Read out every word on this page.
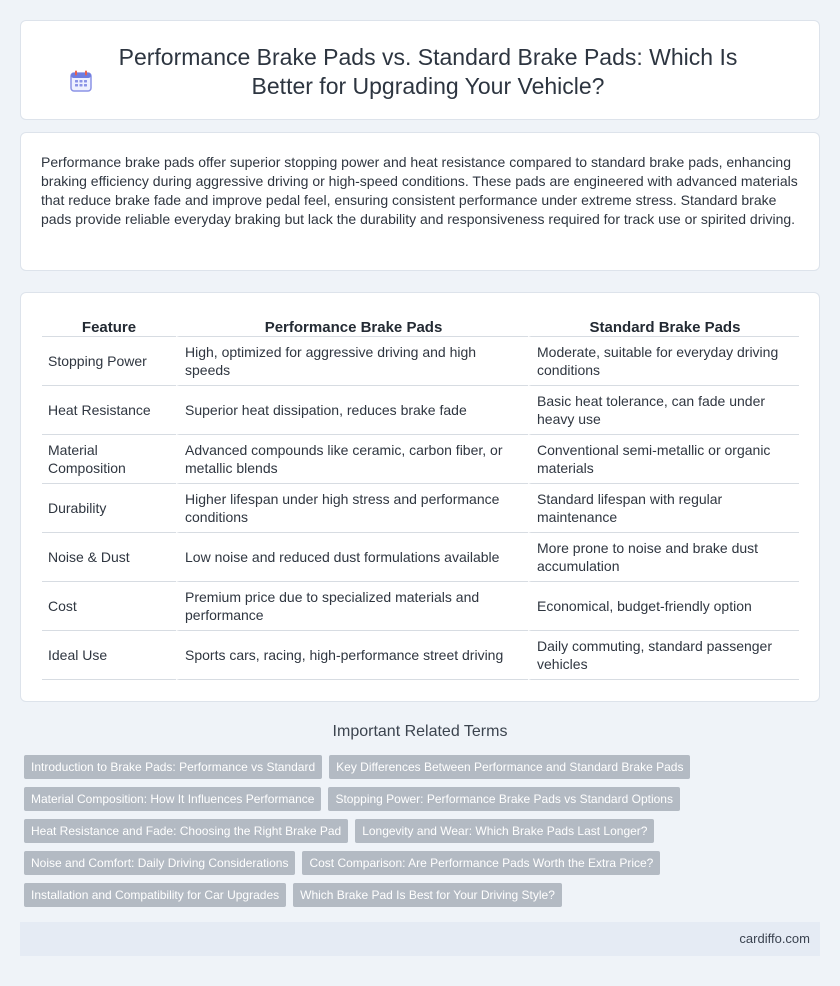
Performance Brake Pads vs. Standard Brake Pads: Which Is Better for Upgrading Your Vehicle?

Performance brake pads offer superior stopping power and heat resistance compared to standard brake pads, enhancing braking efficiency during aggressive driving or high-speed conditions. These pads are engineered with advanced materials that reduce brake fade and improve pedal feel, ensuring consistent performance under extreme stress. Standard brake pads provide reliable everyday braking but lack the durability and responsiveness required for track use or spirited driving.

Feature	Performance Brake Pads	Standard Brake Pads
Stopping Power	High, optimized for aggressive driving and high speeds	Moderate, suitable for everyday driving conditions
Heat Resistance	Superior heat dissipation, reduces brake fade	Basic heat tolerance, can fade under heavy use
Material Composition	Advanced compounds like ceramic, carbon fiber, or metallic blends	Conventional semi-metallic or organic materials
Durability	Higher lifespan under high stress and performance conditions	Standard lifespan with regular maintenance
Noise & Dust	Low noise and reduced dust formulations available	More prone to noise and brake dust accumulation
Cost	Premium price due to specialized materials and performance	Economical, budget-friendly option
Ideal Use	Sports cars, racing, high-performance street driving	Daily commuting, standard passenger vehicles
Important Related Terms
Introduction to Brake Pads: Performance vs Standard	Key Differences Between Performance and Standard Brake Pads
Material Composition: How It Influences Performance	Stopping Power: Performance Brake Pads vs Standard Options
Heat Resistance and Fade: Choosing the Right Brake Pad	Longevity and Wear: Which Brake Pads Last Longer?
Noise and Comfort: Daily Driving Considerations	Cost Comparison: Are Performance Pads Worth the Extra Price?
Installation and Compatibility for Car Upgrades	Which Brake Pad Is Best for Your Driving Style?
cardiffo.com
